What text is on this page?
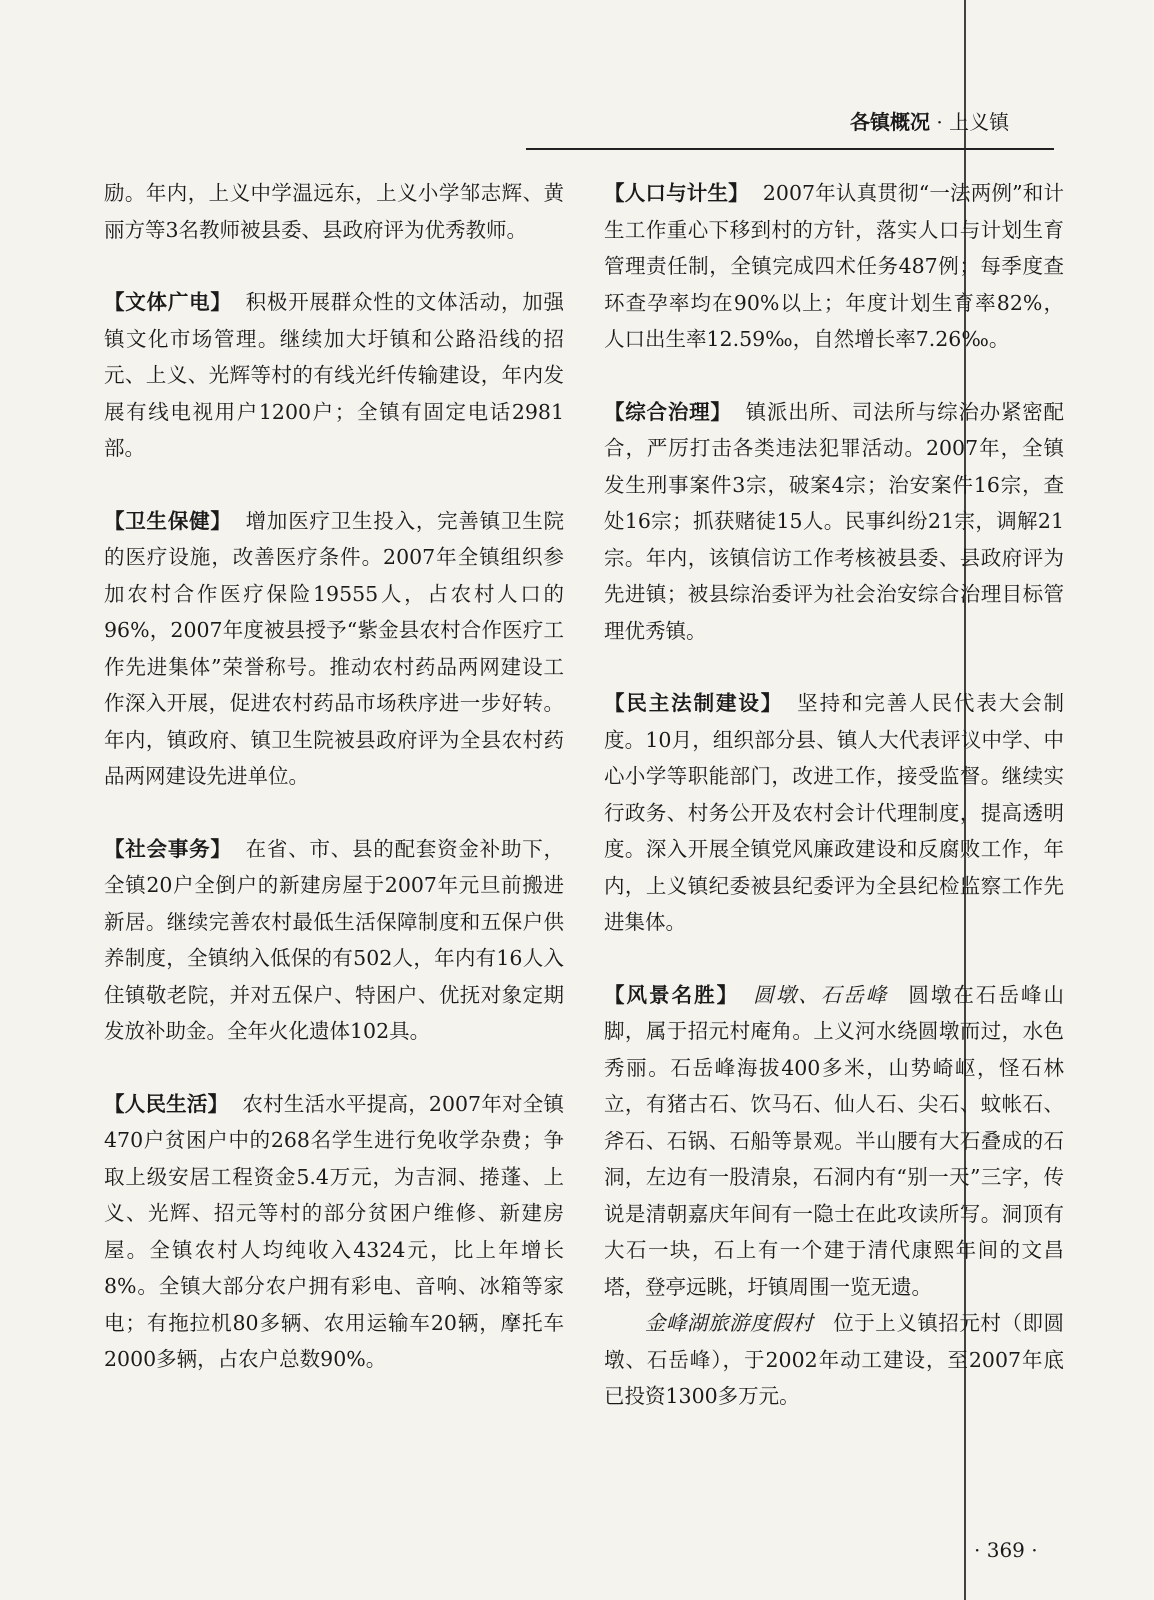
各镇概况 · 上义镇

励。年内，上义中学温远东，上义小学邹志辉、黄丽方等3名教师被县委、县政府评为优秀教师。

【文体广电】 积极开展群众性的文体活动，加强镇文化市场管理。继续加大圩镇和公路沿线的招元、上义、光辉等村的有线光纤传输建设，年内发展有线电视用户1200户；全镇有固定电话2981部。

【卫生保健】 增加医疗卫生投入，完善镇卫生院的医疗设施，改善医疗条件。2007年全镇组织参加农村合作医疗保险19555人，占农村人口的96%，2007年度被县授予“紫金县农村合作医疗工作先进集体”荣誉称号。推动农村药品两网建设工作深入开展，促进农村药品市场秩序进一步好转。年内，镇政府、镇卫生院被县政府评为全县农村药品两网建设先进单位。

【社会事务】 在省、市、县的配套资金补助下，全镇20户全倒户的新建房屋于2007年元旦前搬进新居。继续完善农村最低生活保障制度和五保户供养制度，全镇纳入低保的有502人，年内有16人入住镇敬老院，并对五保户、特困户、优抚对象定期发放补助金。全年火化遗体102具。

【人民生活】 农村生活水平提高，2007年对全镇470户贫困户中的268名学生进行免收学杂费；争取上级安居工程资金5.4万元，为吉洞、捲蓬、上义、光辉、招元等村的部分贫困户维修、新建房屋。全镇农村人均纯收入4324元，比上年增长8%。全镇大部分农户拥有彩电、音响、冰箱等家电；有拖拉机80多辆、农用运输车20辆，摩托车2000多辆，占农户总数90%。

【人口与计生】 2007年认真贯彻“一法两例”和计生工作重心下移到村的方针，落实人口与计划生育管理责任制，全镇完成四术任务487例；每季度查环查孕率均在90%以上；年度计划生育率82%，人口出生率12.59‰，自然增长率7.26‰。

【综合治理】 镇派出所、司法所与综治办紧密配合，严厉打击各类违法犯罪活动。2007年，全镇发生刑事案件3宗，破案4宗；治安案件16宗，查处16宗；抓获赌徒15人。民事纠纷21宗，调解21宗。年内，该镇信访工作考核被县委、县政府评为先进镇；被县综治委评为社会治安综合治理目标管理优秀镇。

【民主法制建设】 坚持和完善人民代表大会制度。10月，组织部分县、镇人大代表评议中学、中心小学等职能部门，改进工作，接受监督。继续实行政务、村务公开及农村会计代理制度，提高透明度。深入开展全镇党风廉政建设和反腐败工作，年内，上义镇纪委被县纪委评为全县纪检监察工作先进集体。

【风景名胜】 圆墩、石岳峰 圆墩在石岳峰山脚，属于招元村庵角。上义河水绕圆墩而过，水色秀丽。石岳峰海拔400多米，山势崎岖，怪石林立，有猪古石、饮马石、仙人石、尖石、蚊帐石、斧石、石锅、石船等景观。半山腰有大石叠成的石洞，左边有一股清泉，石洞内有“别一天”三字，传说是清朝嘉庆年间有一隐士在此攻读所写。洞顶有大石一块，石上有一个建于清代康熙年间的文昌塔，登亭远眺，圩镇周围一览无遗。

金峰湖旅游度假村 位于上义镇招元村（即圆墩、石岳峰），于2002年动工建设，至2007年底已投资1300多万元。

· 369 ·
